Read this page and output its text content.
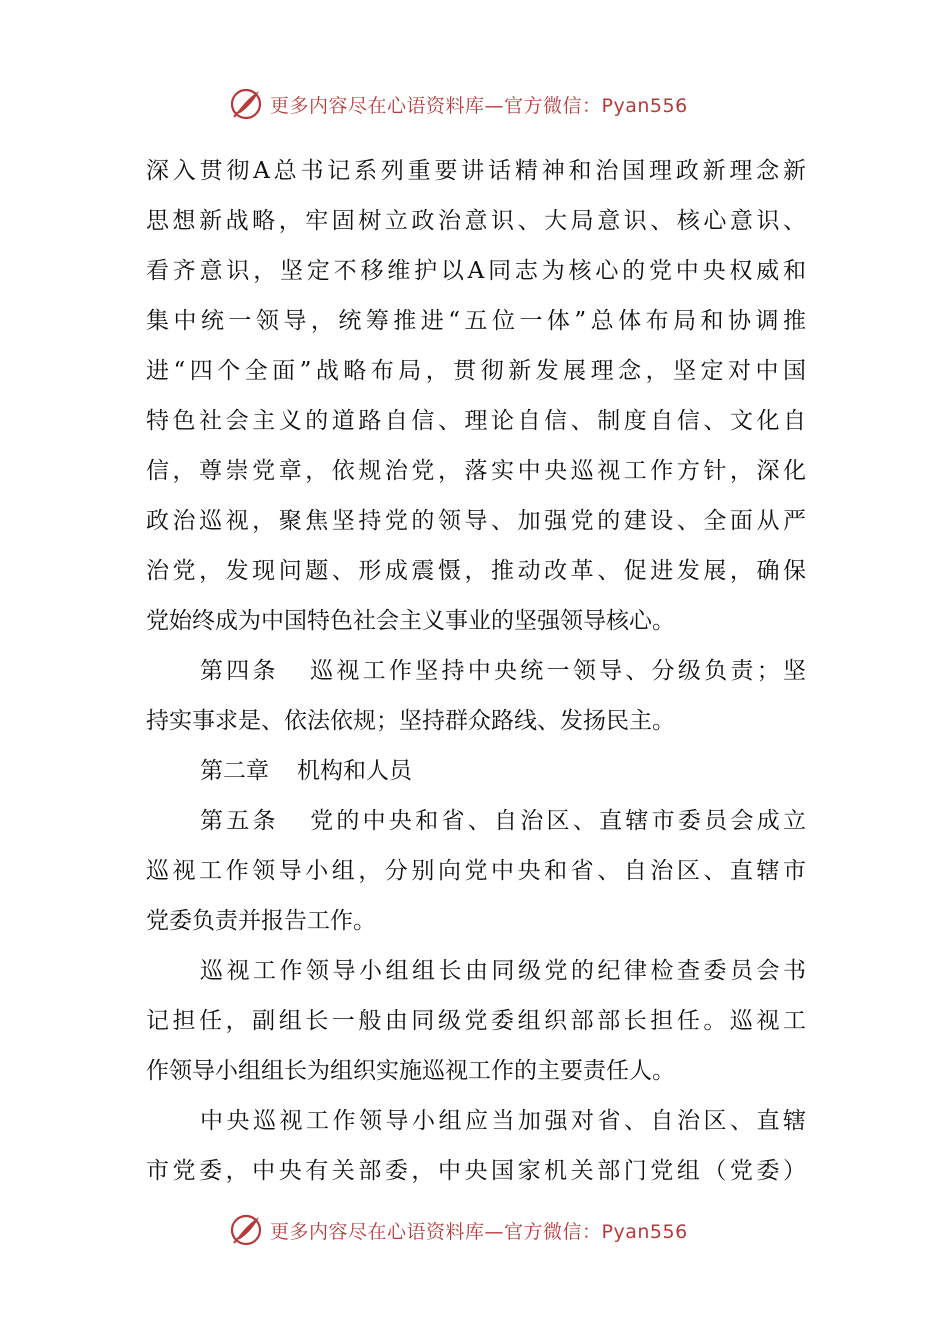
更多内容尽在心语资料库—官方微信：Pyan556
深入贯彻A总书记系列重要讲话精神和治国理政新理念新
思想新战略，牢固树立政治意识、大局意识、核心意识、
看齐意识，坚定不移维护以A同志为核心的党中央权威和
集中统一领导，统筹推进“五位一体”总体布局和协调推
进“四个全面”战略布局，贯彻新发展理念，坚定对中国
特色社会主义的道路自信、理论自信、制度自信、文化自
信，尊崇党章，依规治党，落实中央巡视工作方针，深化
政治巡视，聚焦坚持党的领导、加强党的建设、全面从严
治党，发现问题、形成震慑，推动改革、促进发展，确保
党始终成为中国特色社会主义事业的坚强领导核心。
第四条 巡视工作坚持中央统一领导、分级负责；坚
持实事求是、依法依规；坚持群众路线、发扬民主。
第二章 机构和人员
第五条 党的中央和省、自治区、直辖市委员会成立
巡视工作领导小组，分别向党中央和省、自治区、直辖市
党委负责并报告工作。
巡视工作领导小组组长由同级党的纪律检查委员会书
记担任，副组长一般由同级党委组织部部长担任。巡视工
作领导小组组长为组织实施巡视工作的主要责任人。
中央巡视工作领导小组应当加强对省、自治区、直辖
市党委，中央有关部委，中央国家机关部门党组（党委）
更多内容尽在心语资料库—官方微信：Pyan556
